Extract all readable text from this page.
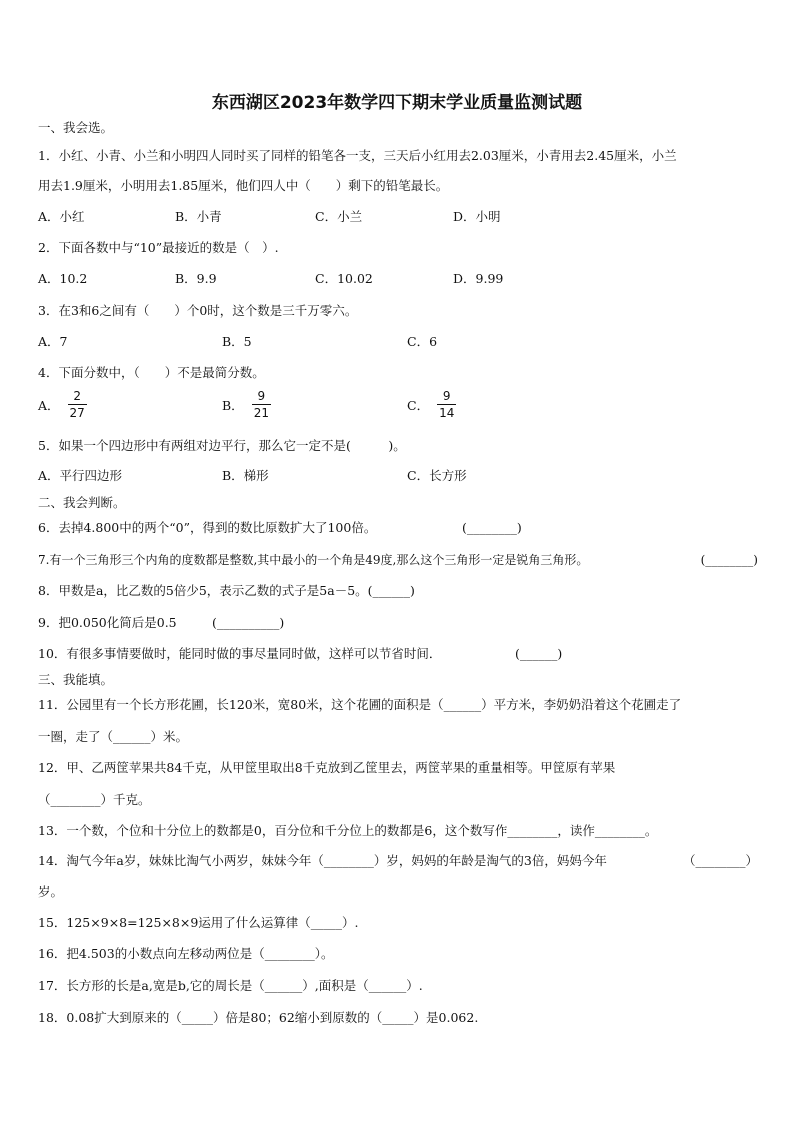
东西湖区2023年数学四下期末学业质量监测试题
一、我会选。
1．小红、小青、小兰和小明四人同时买了同样的铅笔各一支，三天后小红用去2.03厘米，小青用去2.45厘米，小兰
用去1.9厘米，小明用去1.85厘米，他们四人中（　　）剩下的铅笔最长。
A．小红	B．小青	C．小兰	D．小明
2．下面各数中与“10”最接近的数是（　）.
A．10.2	B．9.9	C．10.02	D．9.99
3．在3和6之间有（　　）个0时，这个数是三千万零六。
A．7	B．5	C．6
4．下面分数中，（　　）不是最简分数。
A． $\frac{2}{27}$	B． $\frac{9}{21}$	C． $\frac{9}{14}$
5．如果一个四边形中有两组对边平行，那么它一定不是(　　　)。
A．平行四边形	B．梯形	C．长方形
二、我会判断。
6．去掉4.800中的两个“0”，得到的数比原数扩大了100倍。	(________)
7.有一个三角形三个内角的度数都是整数,其中最小的一个角是49度,那么这个三角形一定是锐角三角形。	(________)
8．甲数是a，比乙数的5倍少5，表示乙数的式子是5a－5。(______)
9．把0.050化简后是0.5	(__________)
10．有很多事情要做时，能同时做的事尽量同时做，这样可以节省时间．	(______)
三、我能填。
11．公园里有一个长方形花圃，长120米，宽80米，这个花圃的面积是（______）平方米，李奶奶沿着这个花圃走了
一圈，走了（______）米。
12．甲、乙两筐苹果共84千克，从甲筐里取出8千克放到乙筐里去，两筐苹果的重量相等。甲筐原有苹果
（________）千克。
13．一个数，个位和十分位上的数都是0，百分位和千分位上的数都是6，这个数写作________，读作________。
14．淘气今年a岁，妹妹比淘气小两岁，妹妹今年（________）岁，妈妈的年龄是淘气的3倍，妈妈今年	（________）
岁。
15．125×9×8=125×8×9运用了什么运算律（_____）.
16．把4.503的小数点向左移动两位是（________）。
17．长方形的长是a,宽是b,它的周长是（______）,面积是（______）.
18．0.08扩大到原来的（_____）倍是80；62缩小到原数的（_____）是0.062.
